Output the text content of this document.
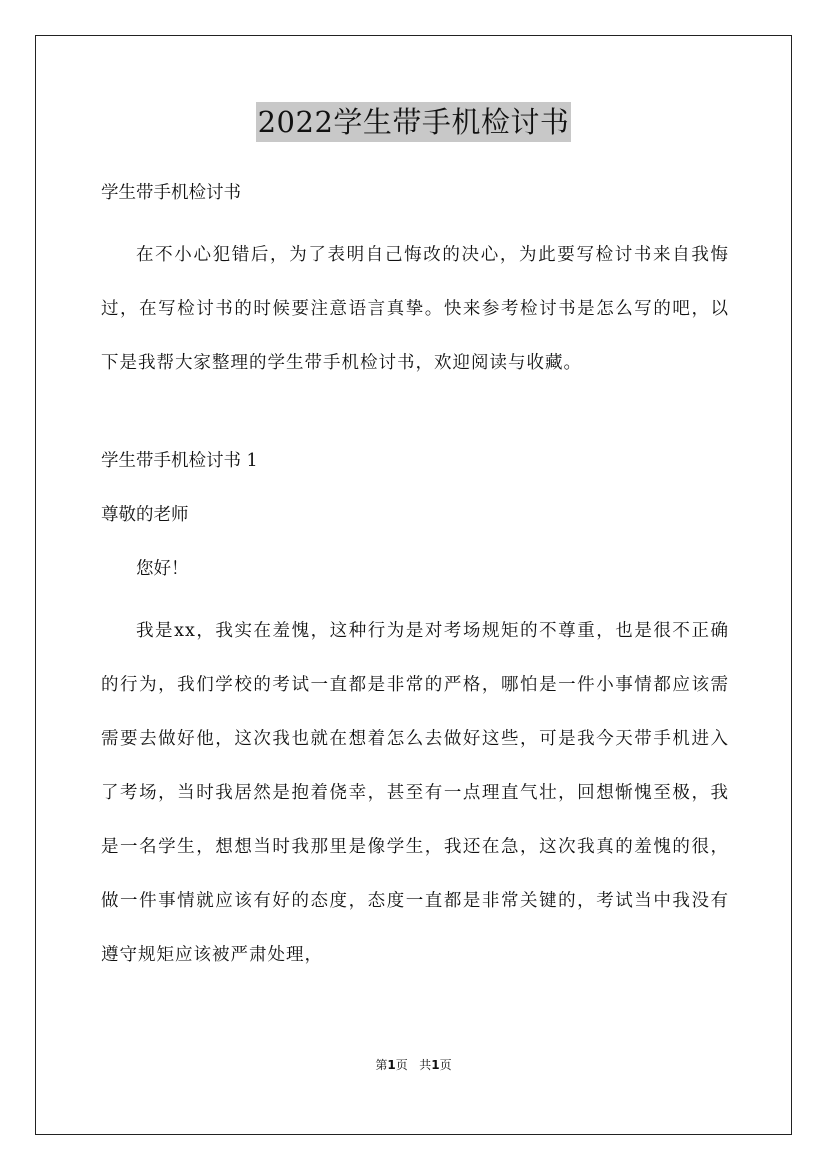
2022学生带手机检讨书

学生带手机检讨书

在不小心犯错后，为了表明自己悔改的决心，为此要写检讨书来自我悔过，在写检讨书的时候要注意语言真挚。快来参考检讨书是怎么写的吧，以下是我帮大家整理的学生带手机检讨书，欢迎阅读与收藏。

学生带手机检讨书 1

尊敬的老师

您好！

我是xx，我实在羞愧，这种行为是对考场规矩的不尊重，也是很不正确的行为，我们学校的考试一直都是非常的严格，哪怕是一件小事情都应该需需要去做好他，这次我也就在想着怎么去做好这些，可是我今天带手机进入了考场，当时我居然是抱着侥幸，甚至有一点理直气壮，回想惭愧至极，我是一名学生，想想当时我那里是像学生，我还在急，这次我真的羞愧的很，做一件事情就应该有好的态度，态度一直都是非常关键的，考试当中我没有遵守规矩应该被严肃处理，

第1页 共1页
